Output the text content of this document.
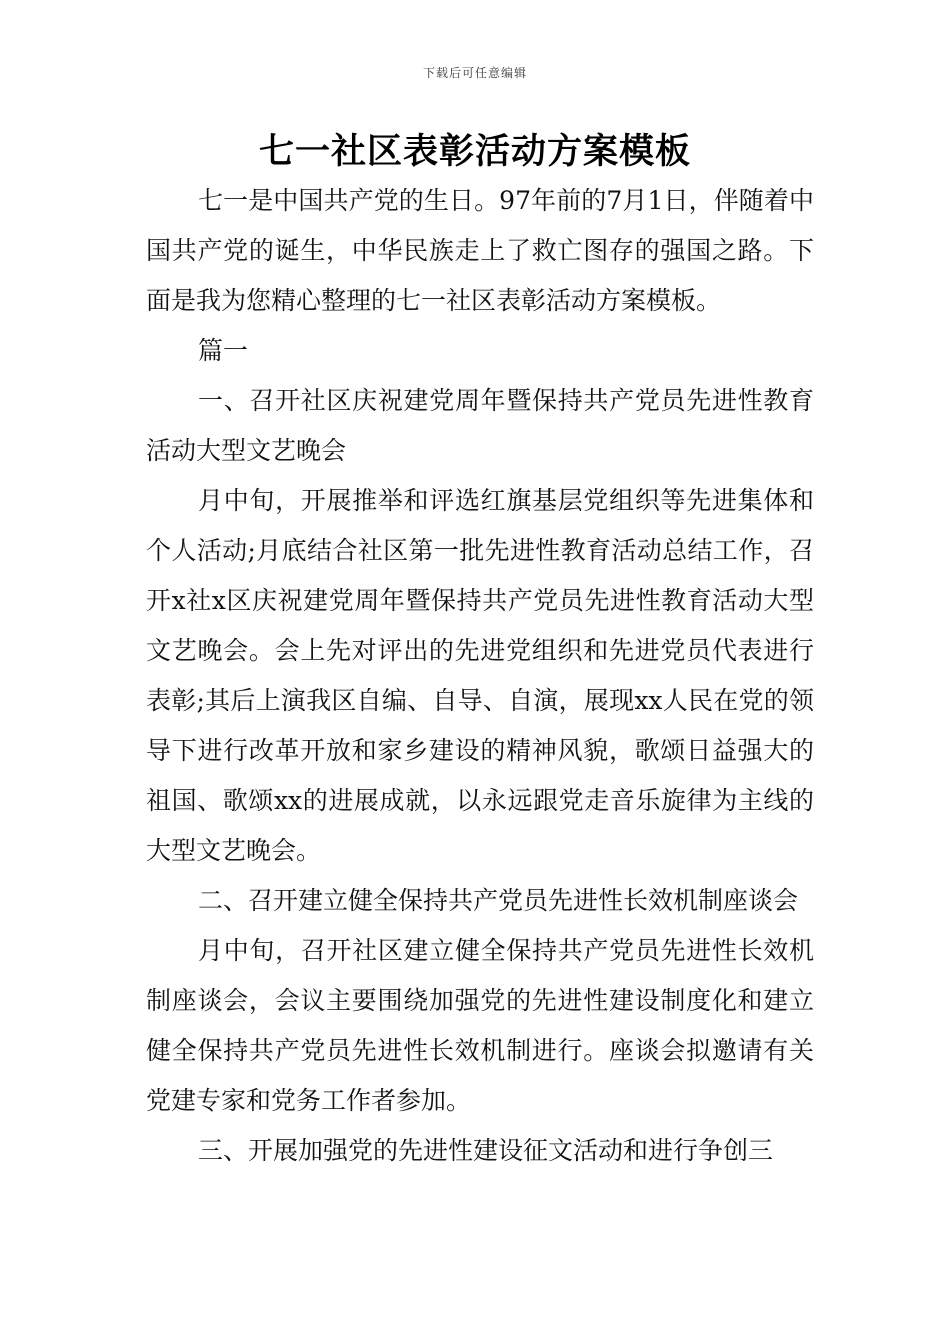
下载后可任意编辑
七一社区表彰活动方案模板

七一是中国共产党的生日。97年前的7月1日，伴随着中国共产党的诞生，中华民族走上了救亡图存的强国之路。下面是我为您精心整理的七一社区表彰活动方案模板。

篇一

一、召开社区庆祝建党周年暨保持共产党员先进性教育活动大型文艺晚会

月中旬，开展推举和评选红旗基层党组织等先进集体和个人活动;月底结合社区第一批先进性教育活动总结工作，召开x社x区庆祝建党周年暨保持共产党员先进性教育活动大型文艺晚会。会上先对评出的先进党组织和先进党员代表进行表彰;其后上演我区自编、自导、自演，展现xx人民在党的领导下进行改革开放和家乡建设的精神风貌，歌颂日益强大的祖国、歌颂xx的进展成就，以永远跟党走音乐旋律为主线的大型文艺晚会。

二、召开建立健全保持共产党员先进性长效机制座谈会

月中旬，召开社区建立健全保持共产党员先进性长效机制座谈会，会议主要围绕加强党的先进性建设制度化和建立健全保持共产党员先进性长效机制进行。座谈会拟邀请有关党建专家和党务工作者参加。

三、开展加强党的先进性建设征文活动和进行争创三
